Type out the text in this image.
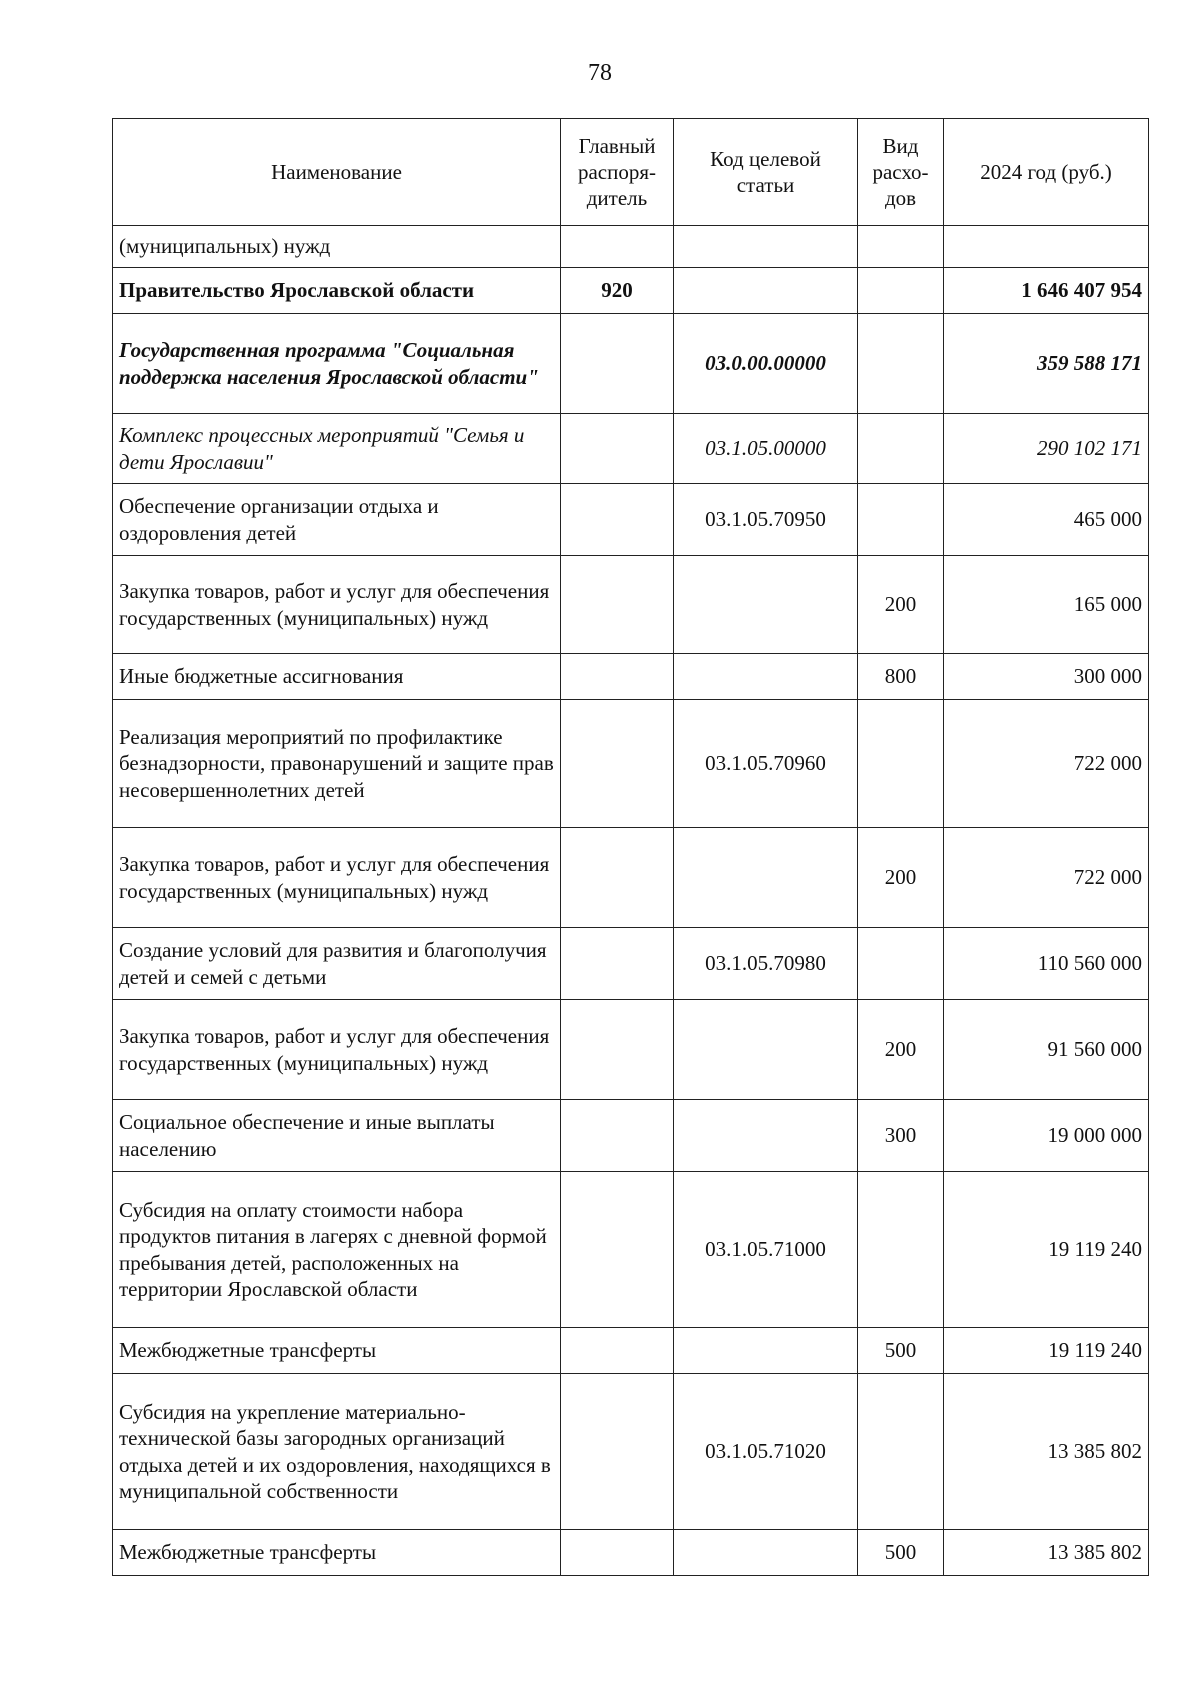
78
Наименование	Главный распоря-дитель	Код целевой статьи	Вид расхо-дов	2024 год (руб.)
(муниципальных) нужд				
Правительство Ярославской области	920			1 646 407 954
Государственная программа "Социальная поддержка населения Ярославской области"		03.0.00.00000		359 588 171
Комплекс процессных мероприятий "Семья и дети Ярославии"		03.1.05.00000		290 102 171
Обеспечение организации отдыха и оздоровления детей		03.1.05.70950		465 000
Закупка товаров, работ и услуг для обеспечения государственных (муниципальных) нужд			200	165 000
Иные бюджетные ассигнования			800	300 000
Реализация мероприятий по профилактике безнадзорности, правонарушений и защите прав несовершеннолетних детей		03.1.05.70960		722 000
Закупка товаров, работ и услуг для обеспечения государственных (муниципальных) нужд			200	722 000
Создание условий для развития и благополучия детей и семей с детьми		03.1.05.70980		110 560 000
Закупка товаров, работ и услуг для обеспечения государственных (муниципальных) нужд			200	91 560 000
Социальное обеспечение и иные выплаты населению			300	19 000 000
Субсидия на оплату стоимости набора продуктов питания в лагерях с дневной формой пребывания детей, расположенных на территории Ярославской области		03.1.05.71000		19 119 240
Межбюджетные трансферты			500	19 119 240
Субсидия на укрепление материально-технической базы загородных организаций отдыха детей и их оздоровления, находящихся в муниципальной собственности		03.1.05.71020		13 385 802
Межбюджетные трансферты			500	13 385 802
